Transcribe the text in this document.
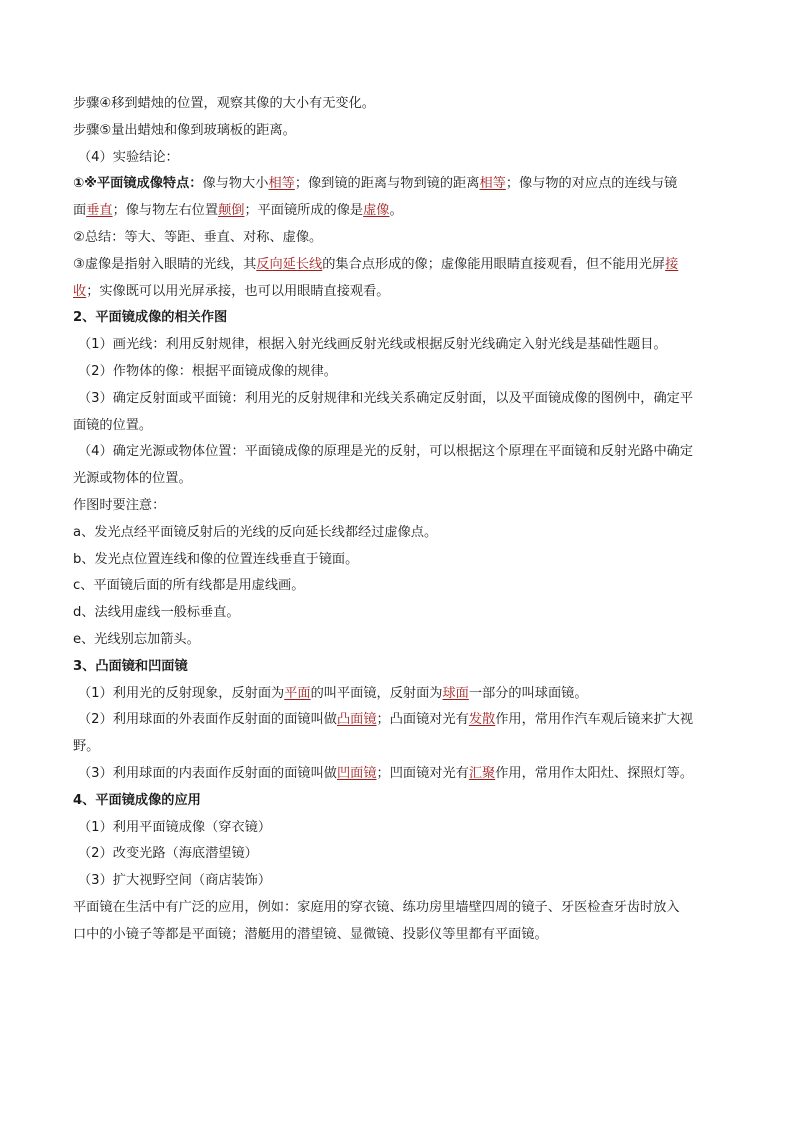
步骤④移到蜡烛的位置，观察其像的大小有无变化。

步骤⑤量出蜡烛和像到玻璃板的距离。

（4）实验结论：

①※平面镜成像特点：像与物大小相等；像到镜的距离与物到镜的距离相等；像与物的对应点的连线与镜

面垂直；像与物左右位置颠倒；平面镜所成的像是虚像。

②总结：等大、等距、垂直、对称、虚像。

③虚像是指射入眼睛的光线，其反向延长线的集合点形成的像；虚像能用眼睛直接观看，但不能用光屏接

收；实像既可以用光屏承接，也可以用眼睛直接观看。

2、平面镜成像的相关作图

（1）画光线：利用反射规律，根据入射光线画反射光线或根据反射光线确定入射光线是基础性题目。

（2）作物体的像：根据平面镜成像的规律。

（3）确定反射面或平面镜：利用光的反射规律和光线关系确定反射面，以及平面镜成像的图例中，确定平

面镜的位置。

（4）确定光源或物体位置：平面镜成像的原理是光的反射，可以根据这个原理在平面镜和反射光路中确定

光源或物体的位置。

作图时要注意：

a、发光点经平面镜反射后的光线的反向延长线都经过虚像点。

b、发光点位置连线和像的位置连线垂直于镜面。

c、平面镜后面的所有线都是用虚线画。

d、法线用虚线一般标垂直。

e、光线别忘加箭头。

3、凸面镜和凹面镜

（1）利用光的反射现象，反射面为平面的叫平面镜，反射面为球面一部分的叫球面镜。

（2）利用球面的外表面作反射面的面镜叫做凸面镜；凸面镜对光有发散作用，常用作汽车观后镜来扩大视

野。

（3）利用球面的内表面作反射面的面镜叫做凹面镜；凹面镜对光有汇聚作用，常用作太阳灶、探照灯等。

4、平面镜成像的应用

（1）利用平面镜成像（穿衣镜）

（2）改变光路（海底潜望镜）

（3）扩大视野空间（商店装饰）

平面镜在生活中有广泛的应用，例如：家庭用的穿衣镜、练功房里墙壁四周的镜子、牙医检查牙齿时放入

口中的小镜子等都是平面镜；潜艇用的潜望镜、显微镜、投影仪等里都有平面镜。
